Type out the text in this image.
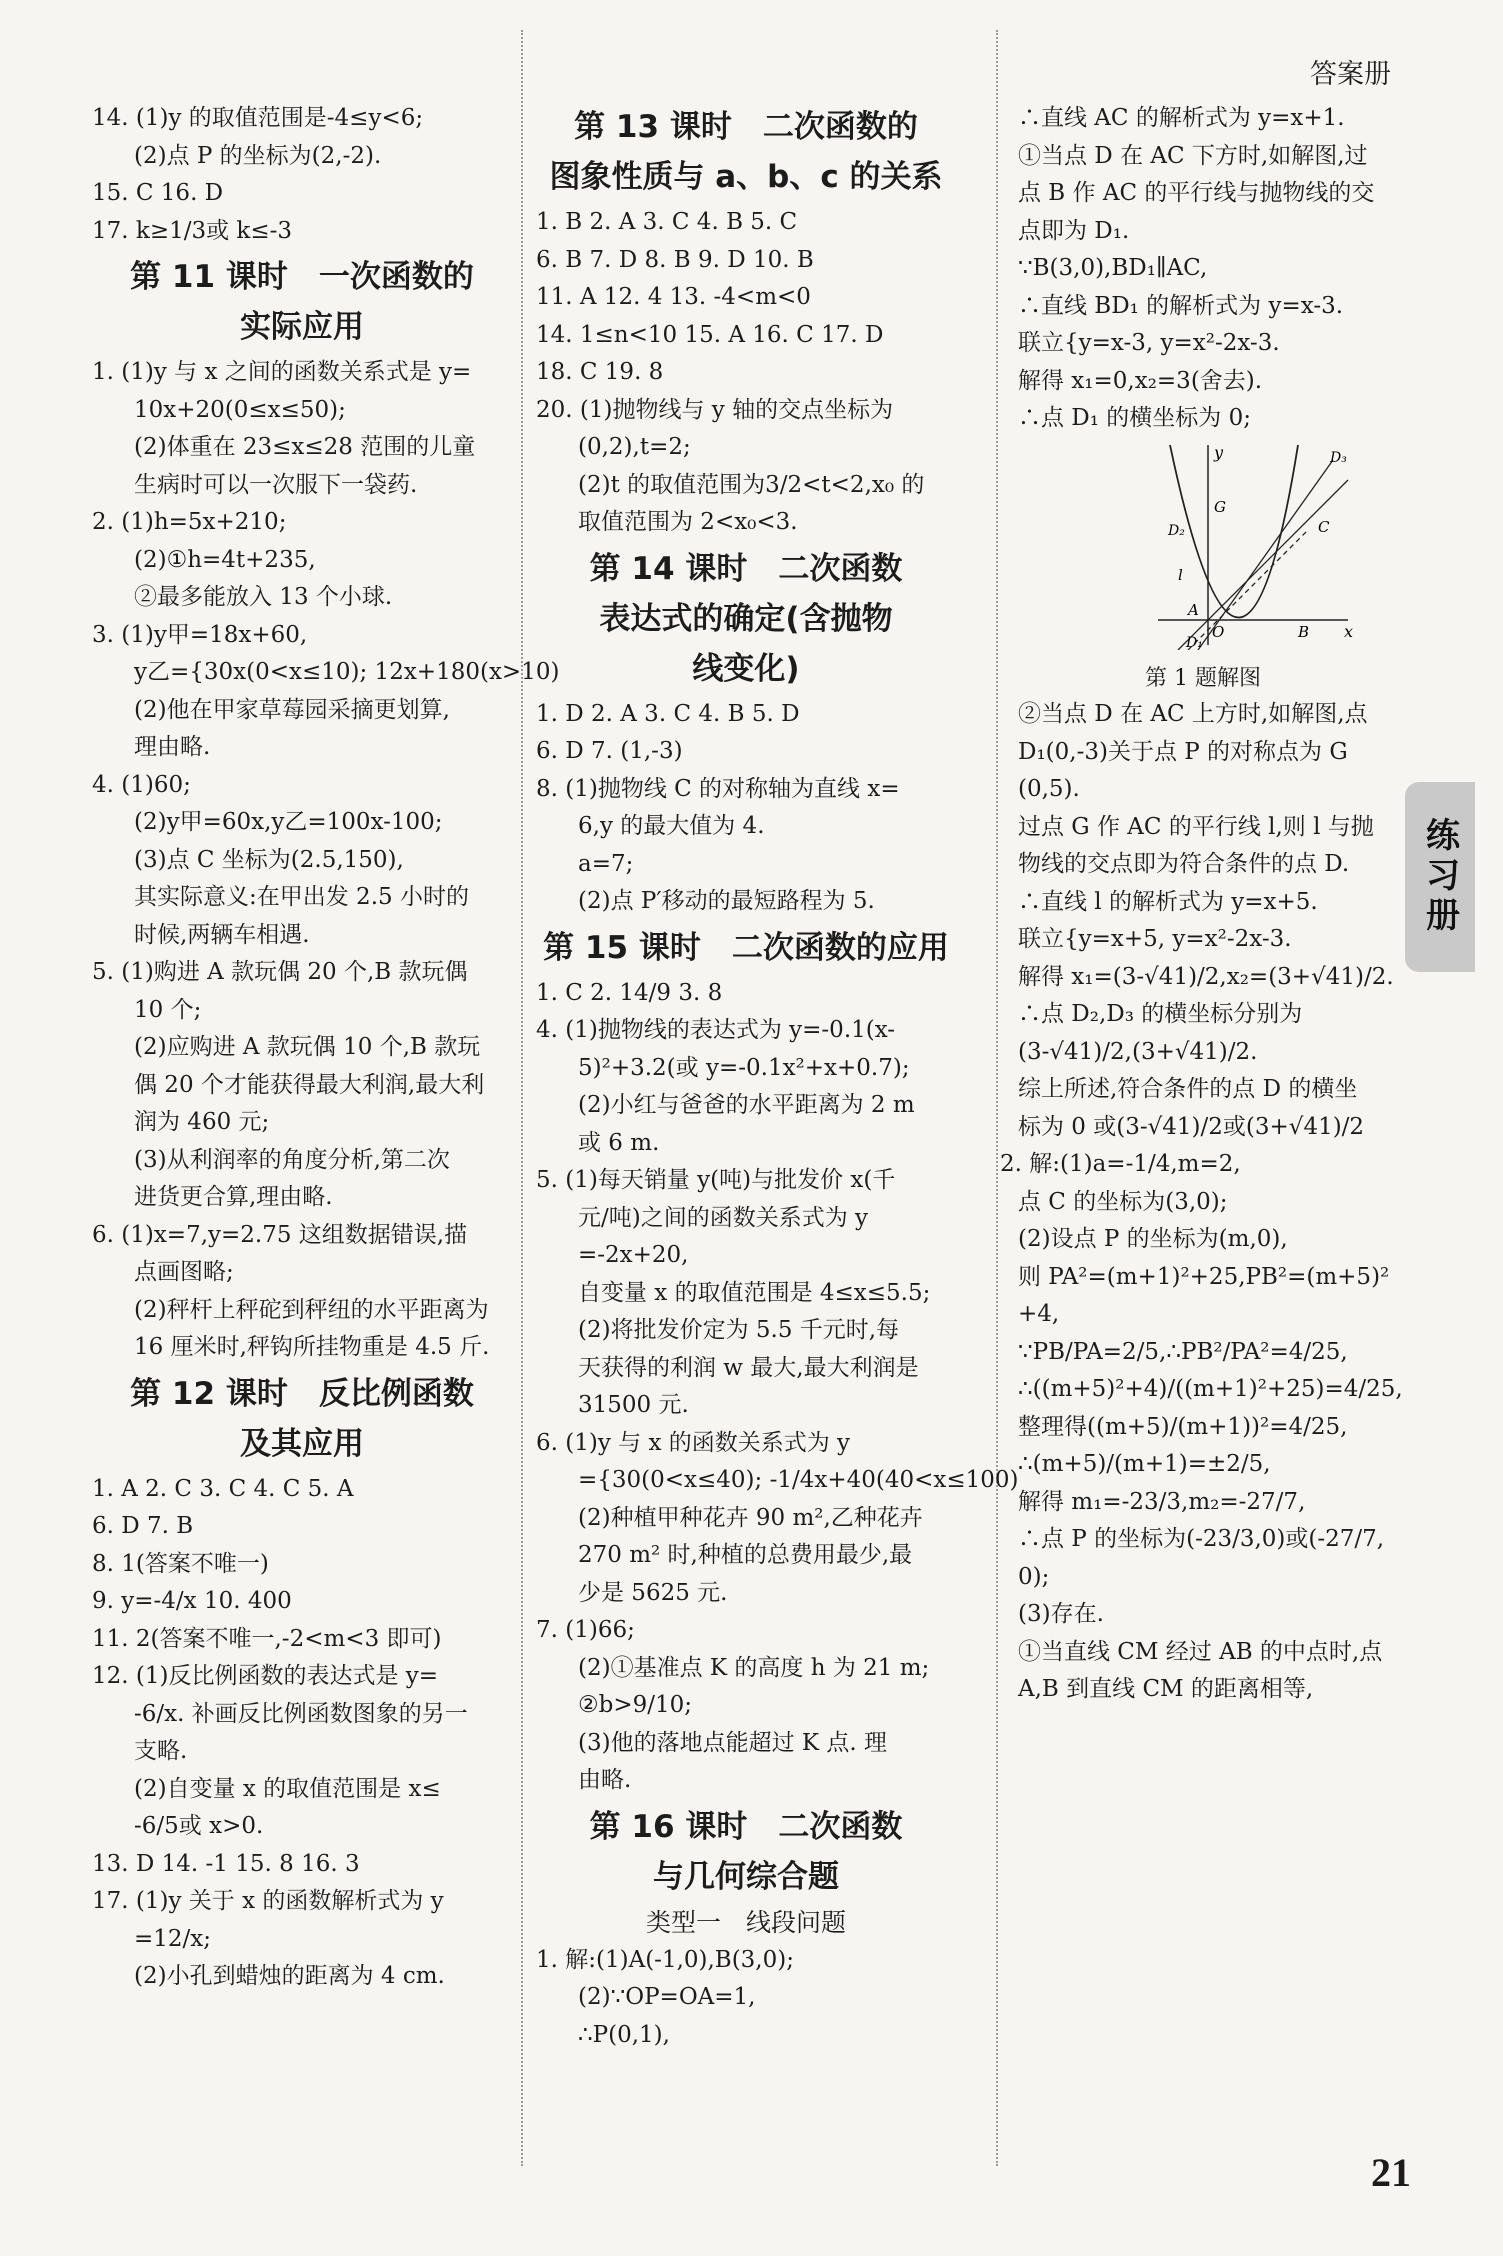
答案册
练习册
14. (1)y 的取值范围是-4≤y<6;
(2)点 P 的坐标为(2,-2).
15. C 16. D
17. k≥1/3或 k≤-3
第 11 课时　一次函数的
实际应用
1. (1)y 与 x 之间的函数关系式是 y=
10x+20(0≤x≤50);
(2)体重在 23≤x≤28 范围的儿童
生病时可以一次服下一袋药.
2. (1)h=5x+210;
(2)①h=4t+235,
②最多能放入 13 个小球.
3. (1)y甲=18x+60,
y乙={30x(0<x≤10); 12x+180(x>10)
(2)他在甲家草莓园采摘更划算,
理由略.
4. (1)60;
(2)y甲=60x,y乙=100x-100;
(3)点 C 坐标为(2.5,150),
其实际意义:在甲出发 2.5 小时的
时候,两辆车相遇.
5. (1)购进 A 款玩偶 20 个,B 款玩偶
10 个;
(2)应购进 A 款玩偶 10 个,B 款玩
偶 20 个才能获得最大利润,最大利
润为 460 元;
(3)从利润率的角度分析,第二次
进货更合算,理由略.
6. (1)x=7,y=2.75 这组数据错误,描
点画图略;
(2)秤杆上秤砣到秤纽的水平距离为
16 厘米时,秤钩所挂物重是 4.5 斤.
第 12 课时　反比例函数
及其应用
1. A 2. C 3. C 4. C 5. A
6. D 7. B
8. 1(答案不唯一)
9. y=-4/x 10. 400
11. 2(答案不唯一,-2<m<3 即可)
12. (1)反比例函数的表达式是 y=
-6/x. 补画反比例函数图象的另一
支略.
(2)自变量 x 的取值范围是 x≤
-6/5或 x>0.
13. D 14. -1 15. 8 16. 3
17. (1)y 关于 x 的函数解析式为 y
=12/x;
(2)小孔到蜡烛的距离为 4 cm.
第 13 课时　二次函数的
图象性质与 a、b、c 的关系
1. B 2. A 3. C 4. B 5. C
6. B 7. D 8. B 9. D 10. B
11. A 12. 4 13. -4<m<0
14. 1≤n<10 15. A 16. C 17. D
18. C 19. 8
20. (1)抛物线与 y 轴的交点坐标为
(0,2),t=2;
(2)t 的取值范围为3/2<t<2,x₀ 的
取值范围为 2<x₀<3.
第 14 课时　二次函数
表达式的确定(含抛物
线变化)
1. D 2. A 3. C 4. B 5. D
6. D 7. (1,-3)
8. (1)抛物线 C 的对称轴为直线 x=
6,y 的最大值为 4.
a=7;
(2)点 P′移动的最短路程为 5.
第 15 课时　二次函数的应用
1. C 2. 14/9 3. 8
4. (1)抛物线的表达式为 y=-0.1(x-
5)²+3.2(或 y=-0.1x²+x+0.7);
(2)小红与爸爸的水平距离为 2 m
或 6 m.
5. (1)每天销量 y(吨)与批发价 x(千
元/吨)之间的函数关系式为 y
=-2x+20,
自变量 x 的取值范围是 4≤x≤5.5;
(2)将批发价定为 5.5 千元时,每
天获得的利润 w 最大,最大利润是
31500 元.
6. (1)y 与 x 的函数关系式为 y
={30(0<x≤40); -1/4x+40(40<x≤100)
(2)种植甲种花卉 90 m²,乙种花卉
270 m² 时,种植的总费用最少,最
少是 5625 元.
7. (1)66;
(2)①基准点 K 的高度 h 为 21 m;
②b>9/10;
(3)他的落地点能超过 K 点. 理
由略.
第 16 课时　二次函数
与几何综合题
类型一　线段问题
1. 解:(1)A(-1,0),B(3,0);
(2)∵OP=OA=1,
∴P(0,1),
∴直线 AC 的解析式为 y=x+1.
①当点 D 在 AC 下方时,如解图,过
点 B 作 AC 的平行线与抛物线的交
点即为 D₁.
∵B(3,0),BD₁∥AC,
∴直线 BD₁ 的解析式为 y=x-3.
联立{y=x-3, y=x²-2x-3.
解得 x₁=0,x₂=3(舍去).
∴点 D₁ 的横坐标为 0;
y
x
O
A
B
C
G
D₁
D₂
D₃
l
第 1 题解图
②当点 D 在 AC 上方时,如解图,点
D₁(0,-3)关于点 P 的对称点为 G
(0,5).
过点 G 作 AC 的平行线 l,则 l 与抛
物线的交点即为符合条件的点 D.
∴直线 l 的解析式为 y=x+5.
联立{y=x+5, y=x²-2x-3.
解得 x₁=(3-√41)/2,x₂=(3+√41)/2.
∴点 D₂,D₃ 的横坐标分别为
(3-√41)/2,(3+√41)/2.
综上所述,符合条件的点 D 的横坐
标为 0 或(3-√41)/2或(3+√41)/2
2. 解:(1)a=-1/4,m=2,
点 C 的坐标为(3,0);
(2)设点 P 的坐标为(m,0),
则 PA²=(m+1)²+25,PB²=(m+5)²
+4,
∵PB/PA=2/5,∴PB²/PA²=4/25,
∴((m+5)²+4)/((m+1)²+25)=4/25,
整理得((m+5)/(m+1))²=4/25,
∴(m+5)/(m+1)=±2/5,
解得 m₁=-23/3,m₂=-27/7,
∴点 P 的坐标为(-23/3,0)或(-27/7,
0);
(3)存在.
①当直线 CM 经过 AB 的中点时,点
A,B 到直线 CM 的距离相等,
21
